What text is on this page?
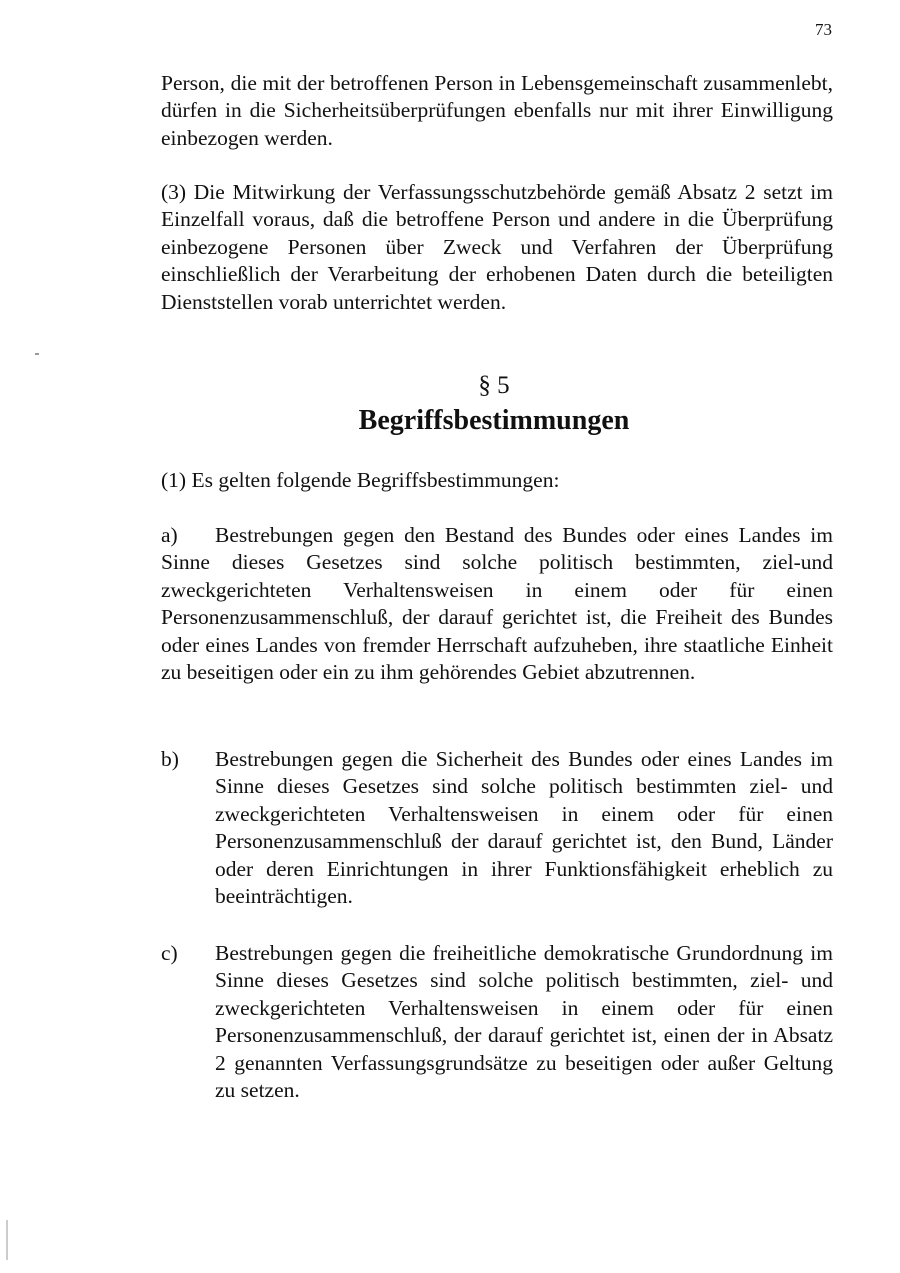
73

Person, die mit der betroffenen Person in Lebensgemeinschaft zusammenlebt, dürfen in die Sicherheitsüberprüfungen ebenfalls nur mit ihrer Einwilligung einbezogen werden.

(3) Die Mitwirkung der Verfassungsschutzbehörde gemäß Absatz 2 setzt im Einzelfall voraus, daß die betroffene Person und andere in die Überprüfung einbezogene Personen über Zweck und Verfahren der Überprüfung einschließlich der Verarbeitung der erhobenen Daten durch die beteiligten Dienststellen vorab unterrichtet werden.

§ 5
Begriffsbestimmungen

(1) Es gelten folgende Begriffsbestimmungen:

a) Bestrebungen gegen den Bestand des Bundes oder eines Landes im Sinne dieses Gesetzes sind solche politisch bestimmten, ziel-und zweckgerichteten Verhaltensweisen in einem oder für einen Personenzusammenschluß, der darauf gerichtet ist, die Freiheit des Bundes oder eines Landes von fremder Herrschaft aufzuheben, ihre staatliche Einheit zu beseitigen oder ein zu ihm gehörendes Gebiet abzutrennen.

b) Bestrebungen gegen die Sicherheit des Bundes oder eines Landes im Sinne dieses Gesetzes sind solche politisch bestimmten ziel- und zweckgerichteten Verhaltensweisen in einem oder für einen Personenzusammenschluß der darauf gerichtet ist, den Bund, Länder oder deren Einrichtungen in ihrer Funktionsfähigkeit erheblich zu beeinträchtigen.

c) Bestrebungen gegen die freiheitliche demokratische Grundordnung im Sinne dieses Gesetzes sind solche politisch bestimmten, ziel- und zweckgerichteten Verhaltensweisen in einem oder für einen Personenzusammenschluß, der darauf gerichtet ist, einen der in Absatz 2 genannten Verfassungsgrundsätze zu beseitigen oder außer Geltung zu setzen.
